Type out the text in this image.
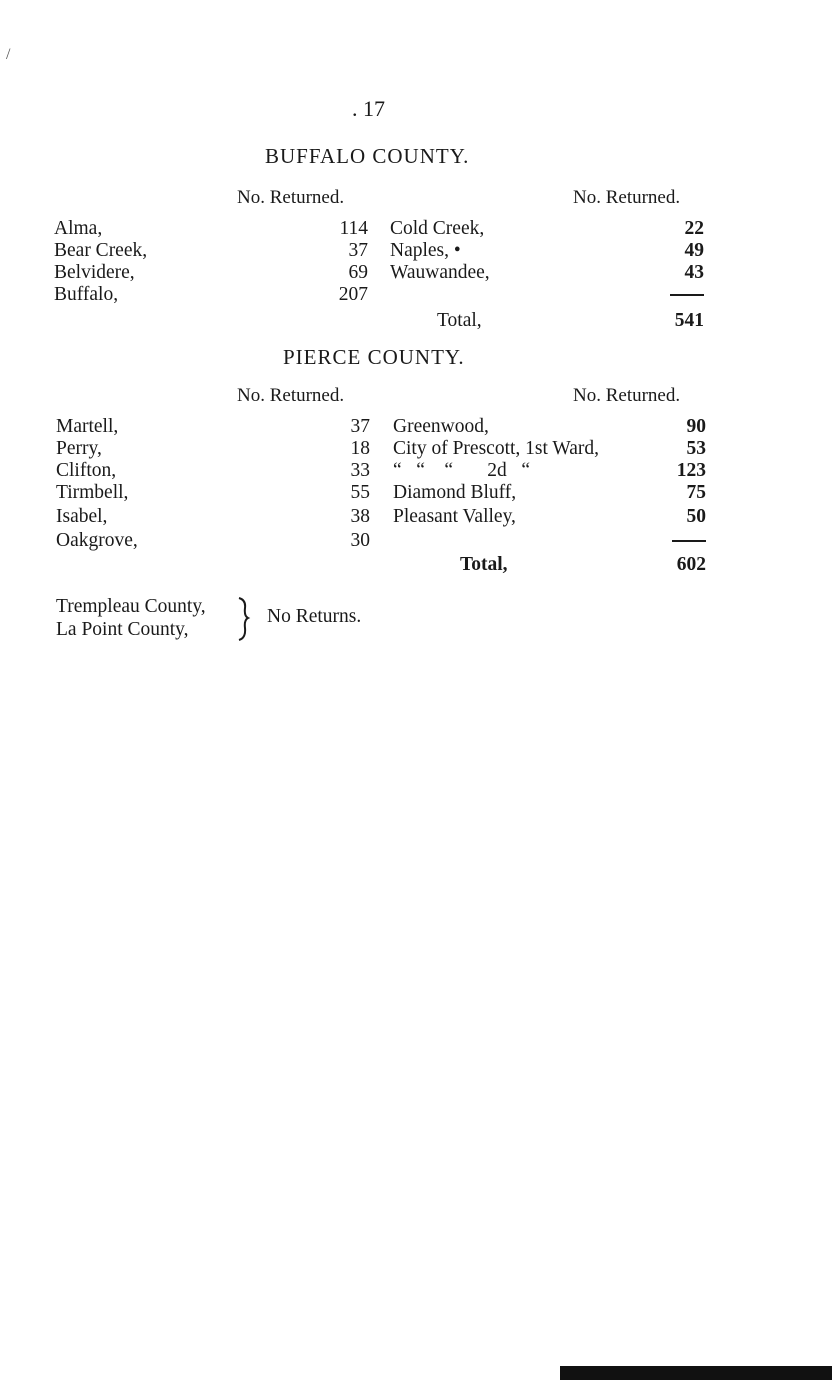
/
. 17
BUFFALO COUNTY.
No. Returned.	No. Returned.
Alma,	114
Bear Creek,	37
Belvidere,	69
Buffalo,	207
Cold Creek,	22
Naples, •	49
Wauwandee,	43
Total,	541
PIERCE COUNTY.
No. Returned.	No. Returned.
Martell,	37
Perry,	18
Clifton,	33
Tirmbell,	55
Isabel,	38
Oakgrove,	30
Greenwood,	90
City of Prescott, 1st Ward,	53
“   “    “       2d   “	123
Diamond Bluff,	75
Pleasant Valley,	50
Total,	602
Trempleau County,
La Point County,
No Returns.
